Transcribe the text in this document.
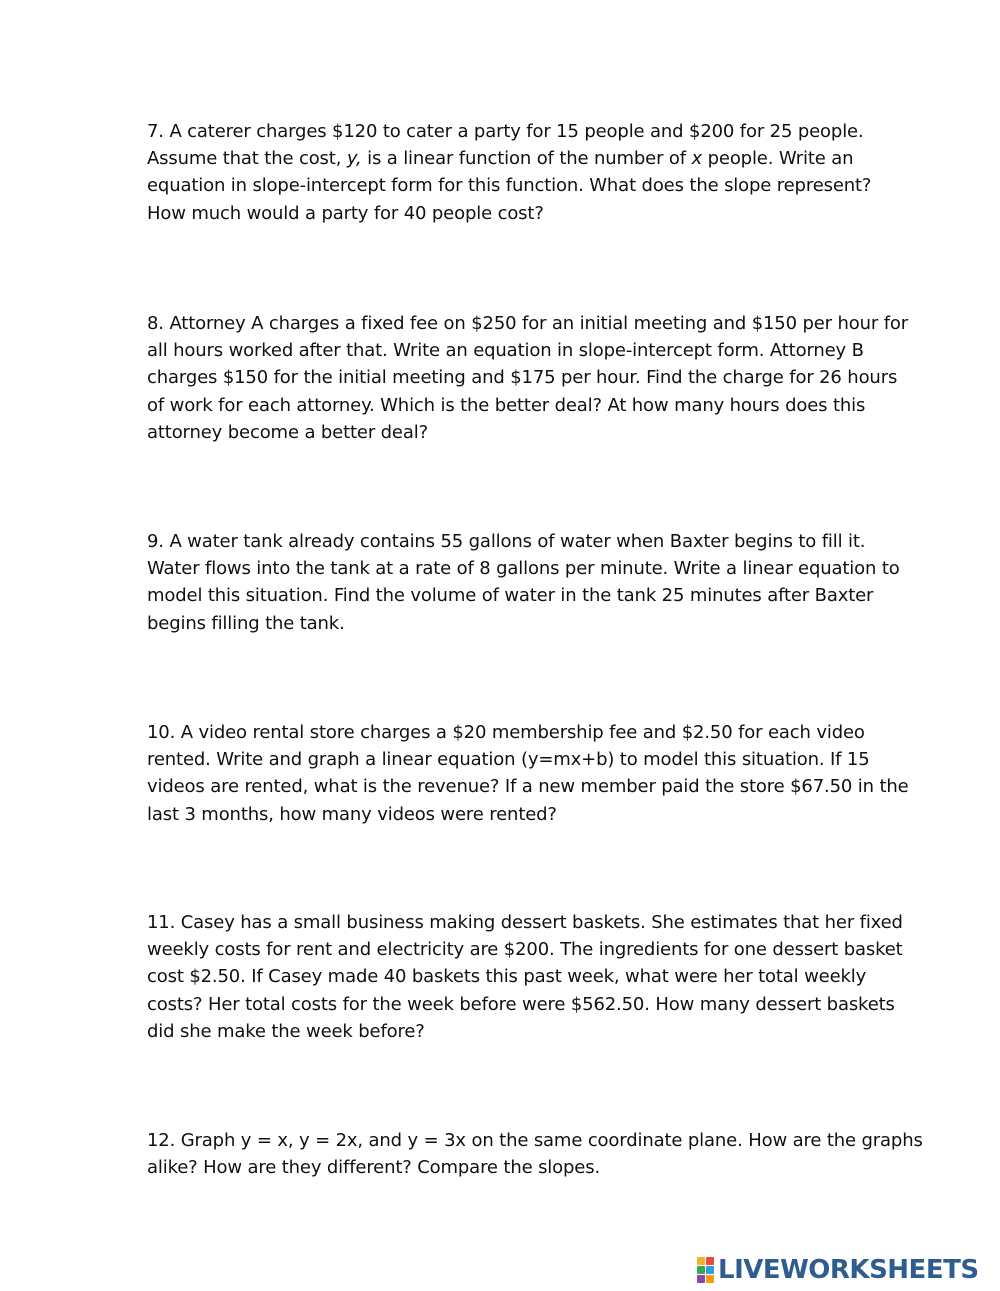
7. A caterer charges $120 to cater a party for 15 people and $200 for 25 people.
Assume that the cost, y, is a linear function of the number of x people. Write an
equation in slope-intercept form for this function. What does the slope represent?
How much would a party for 40 people cost?

8. Attorney A charges a fixed fee on $250 for an initial meeting and $150 per hour for
all hours worked after that. Write an equation in slope-intercept form. Attorney B
charges $150 for the initial meeting and $175 per hour. Find the charge for 26 hours
of work for each attorney. Which is the better deal? At how many hours does this
attorney become a better deal?

9. A water tank already contains 55 gallons of water when Baxter begins to fill it.
Water flows into the tank at a rate of 8 gallons per minute. Write a linear equation to
model this situation. Find the volume of water in the tank 25 minutes after Baxter
begins filling the tank.

10. A video rental store charges a $20 membership fee and $2.50 for each video
rented. Write and graph a linear equation (y=mx+b) to model this situation. If 15
videos are rented, what is the revenue? If a new member paid the store $67.50 in the
last 3 months, how many videos were rented?

11. Casey has a small business making dessert baskets. She estimates that her fixed
weekly costs for rent and electricity are $200. The ingredients for one dessert basket
cost $2.50. If Casey made 40 baskets this past week, what were her total weekly
costs? Her total costs for the week before were $562.50. How many dessert baskets
did she make the week before?

12. Graph y = x, y = 2x, and y = 3x on the same coordinate plane. How are the graphs
alike? How are they different? Compare the slopes.

LIVEWORKSHEETS
